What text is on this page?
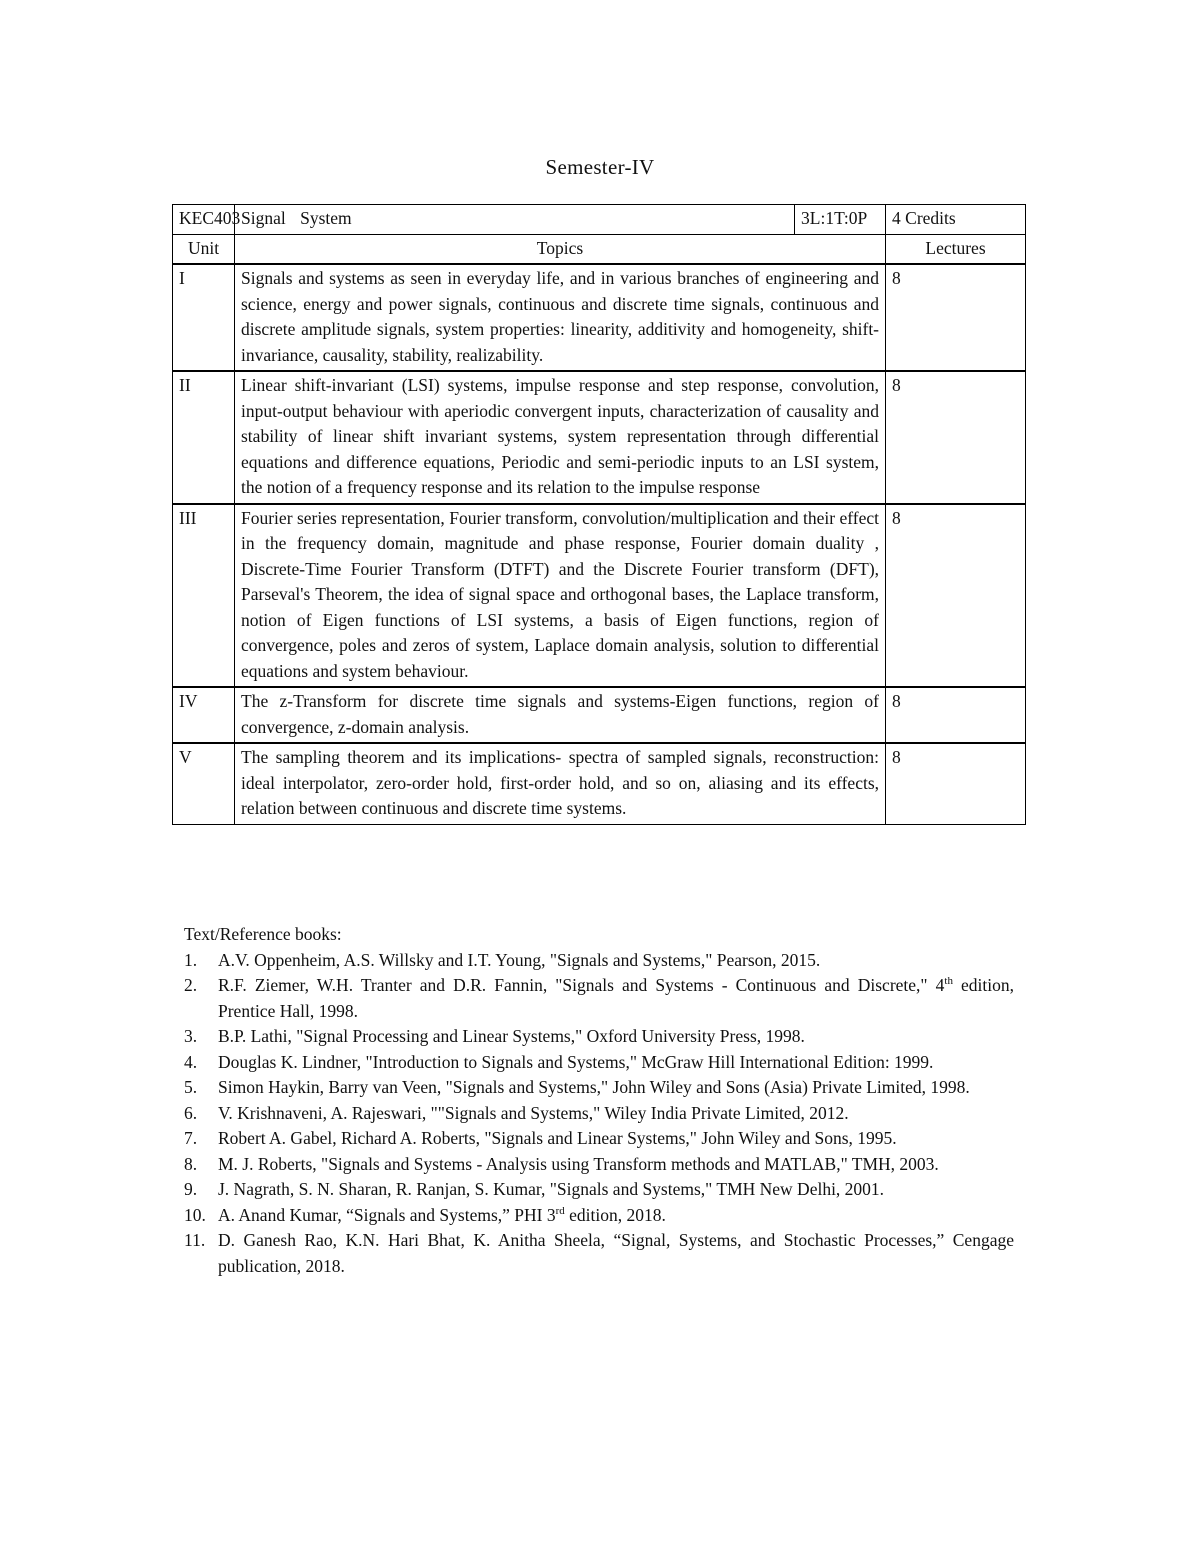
Semester-IV
KEC403	Signal System	3L:1T:0P	4 Credits
Unit	Topics		Lectures
I	Signals and systems as seen in everyday life, and in various branches of engineering and science, energy and power signals, continuous and discrete time signals, continuous and discrete amplitude signals, system properties: linearity, additivity and homogeneity, shift-invariance, causality, stability, realizability.		8
II	Linear shift-invariant (LSI) systems, impulse response and step response, convolution, input-output behaviour with aperiodic convergent inputs, characterization of causality and stability of linear shift invariant systems, system representation through differential equations and difference equations, Periodic and semi-periodic inputs to an LSI system, the notion of a frequency response and its relation to the impulse response		8
III	Fourier series representation, Fourier transform, convolution/multiplication and their effect in the frequency domain, magnitude and phase response, Fourier domain duality , Discrete-Time Fourier Transform (DTFT) and the Discrete Fourier transform (DFT), Parseval's Theorem, the idea of signal space and orthogonal bases, the Laplace transform, notion of Eigen functions of LSI systems, a basis of Eigen functions, region of convergence, poles and zeros of system, Laplace domain analysis, solution to differential equations and system behaviour.		8
IV	The z-Transform for discrete time signals and systems-Eigen functions, region of convergence, z-domain analysis.		8
V	The sampling theorem and its implications- spectra of sampled signals, reconstruction: ideal interpolator, zero-order hold, first-order hold, and so on, aliasing and its effects, relation between continuous and discrete time systems.		8
Text/Reference books:
1. A.V. Oppenheim, A.S. Willsky and I.T. Young, "Signals and Systems," Pearson, 2015.
2. R.F. Ziemer, W.H. Tranter and D.R. Fannin, "Signals and Systems - Continuous and Discrete," 4th edition, Prentice Hall, 1998.
3. B.P. Lathi, "Signal Processing and Linear Systems," Oxford University Press, 1998.
4. Douglas K. Lindner, "Introduction to Signals and Systems," McGraw Hill International Edition: 1999.
5. Simon Haykin, Barry van Veen, "Signals and Systems," John Wiley and Sons (Asia) Private Limited, 1998.
6. V. Krishnaveni, A. Rajeswari, ""Signals and Systems," Wiley India Private Limited, 2012.
7. Robert A. Gabel, Richard A. Roberts, "Signals and Linear Systems," John Wiley and Sons, 1995.
8. M. J. Roberts, "Signals and Systems - Analysis using Transform methods and MATLAB," TMH, 2003.
9. J. Nagrath, S. N. Sharan, R. Ranjan, S. Kumar, "Signals and Systems," TMH New Delhi, 2001.
10. A. Anand Kumar, “Signals and Systems,” PHI 3rd edition, 2018.
11. D. Ganesh Rao, K.N. Hari Bhat, K. Anitha Sheela, “Signal, Systems, and Stochastic Processes,” Cengage publication, 2018.
